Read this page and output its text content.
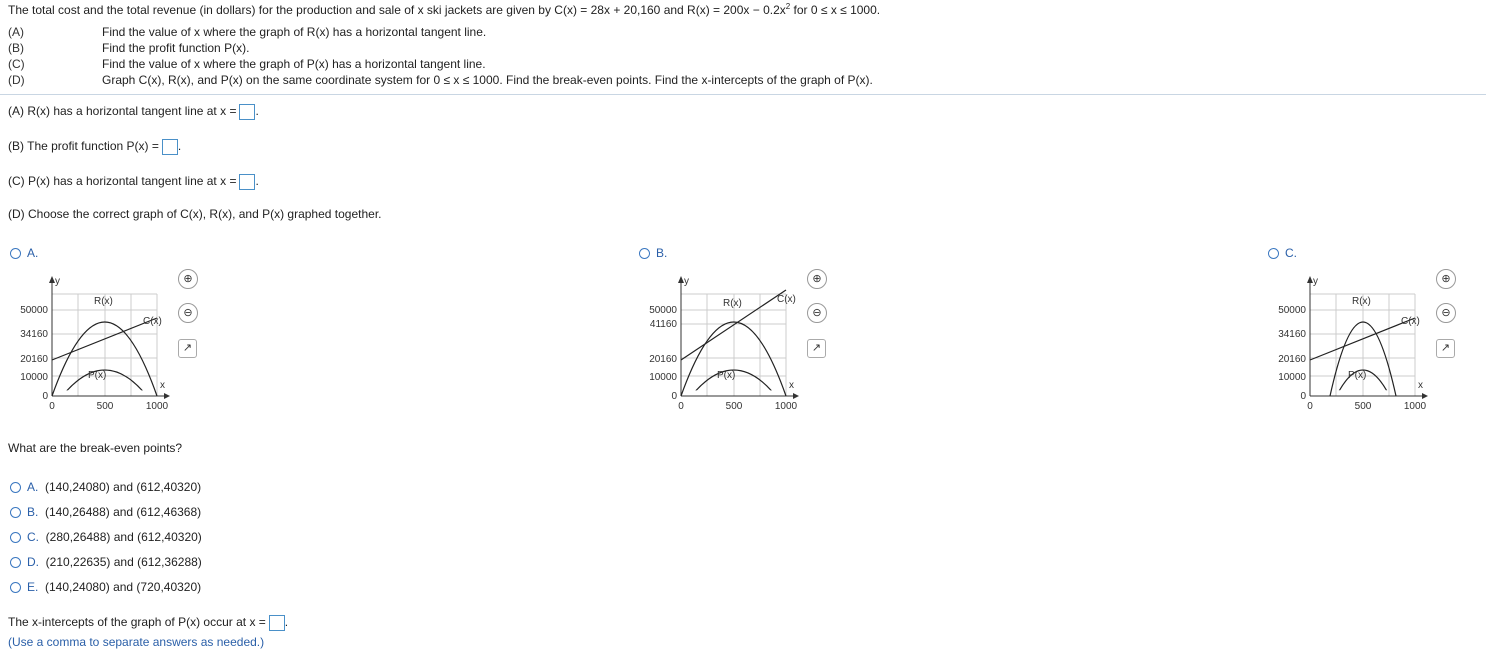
The total cost and the total revenue (in dollars) for the production and sale of x ski jackets are given by C(x) = 28x + 20,160 and $R(x) = 200x - 0.2x^2$ for 0 ≤ x ≤ 1000.
(A)	Find the value of x where the graph of R(x) has a horizontal tangent line.
(B)	Find the profit function P(x).
(C)	Find the value of x where the graph of P(x) has a horizontal tangent line.
(D)	Graph C(x), R(x), and P(x) on the same coordinate system for 0 ≤ x ≤ 1000. Find the break-even points. Find the x-intercepts of the graph of P(x).
(A) R(x) has a horizontal tangent line at x = .
(B) The profit function P(x) = .
(C) P(x) has a horizontal tangent line at x = .
(D) Choose the correct graph of C(x), R(x), and P(x) graphed together.
A.
50000
34160
20160
10000
0
0	500	1000
R(x)
C(x)
P(x)
x
y	⊕
⊖
↗
B.
50000
41160
20160
10000
0
0	500	1000
R(x)	C(x)
P(x)
x
y	⊕
⊖
↗
C.
50000
34160
20160
10000
0
0	500	1000
R(x)
C(x)
P(x)
x
y	⊕
⊖
↗
What are the break-even points?
A. (140,24080) and (612,40320)
B. (140,26488) and (612,46368)
C. (280,26488) and (612,40320)
D. (210,22635) and (612,36288)
E. (140,24080) and (720,40320)
The x-intercepts of the graph of P(x) occur at x = .
(Use a comma to separate answers as needed.)
